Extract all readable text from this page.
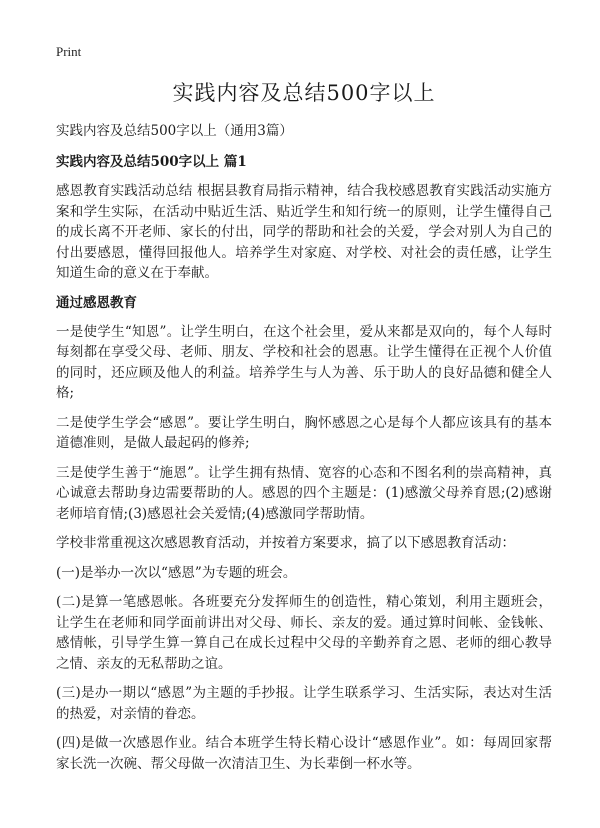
Print
实践内容及总结500字以上

实践内容及总结500字以上（通用3篇）

实践内容及总结500字以上 篇1

感恩教育实践活动总结 根据县教育局指示精神，结合我校感恩教育实践活动实施方案和学生实际，在活动中贴近生活、贴近学生和知行统一的原则，让学生懂得自己的成长离不开老师、家长的付出，同学的帮助和社会的关爱，学会对别人为自己的付出要感恩，懂得回报他人。培养学生对家庭、对学校、对社会的责任感，让学生知道生命的意义在于奉献。

通过感恩教育

一是使学生“知恩”。让学生明白，在这个社会里，爱从来都是双向的，每个人每时每刻都在享受父母、老师、朋友、学校和社会的恩惠。让学生懂得在正视个人价值的同时，还应顾及他人的利益。培养学生与人为善、乐于助人的良好品德和健全人格;

二是使学生学会“感恩”。要让学生明白，胸怀感恩之心是每个人都应该具有的基本道德准则，是做人最起码的修养;

三是使学生善于“施恩”。让学生拥有热情、宽容的心态和不图名利的崇高精神，真心诚意去帮助身边需要帮助的人。感恩的四个主题是：(1)感激父母养育恩;(2)感谢老师培育情;(3)感恩社会关爱情;(4)感激同学帮助情。

学校非常重视这次感恩教育活动，并按着方案要求，搞了以下感恩教育活动：

(一)是举办一次以“感恩”为专题的班会。

(二)是算一笔感恩帐。各班要充分发挥师生的创造性，精心策划，利用主题班会，让学生在老师和同学面前讲出对父母、师长、亲友的爱。通过算时间帐、金钱帐、感情帐，引导学生算一算自己在成长过程中父母的辛勤养育之恩、老师的细心教导之情、亲友的无私帮助之谊。

(三)是办一期以“感恩”为主题的手抄报。让学生联系学习、生活实际，表达对生活的热爱，对亲情的眷恋。

(四)是做一次感恩作业。结合本班学生特长精心设计“感恩作业”。如：每周回家帮家长洗一次碗、帮父母做一次清洁卫生、为长辈倒一杯水等。
